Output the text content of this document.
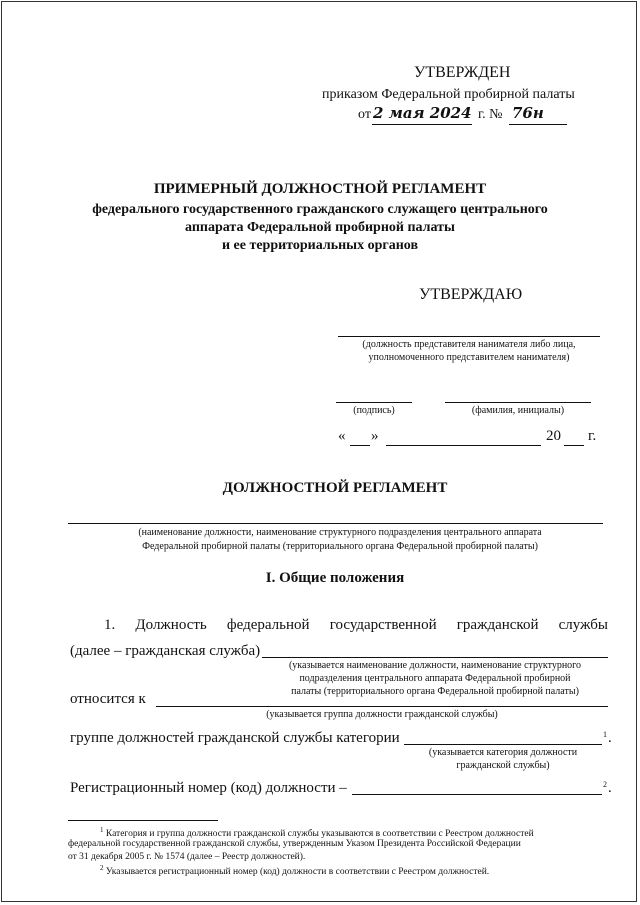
УТВЕРЖДЕН
приказом Федеральной пробирной палаты
от 2 мая 2024 г. № 76н
ПРИМЕРНЫЙ ДОЛЖНОСТНОЙ РЕГЛАМЕНТ
федерального государственного гражданского служащего центрального
аппарата Федеральной пробирной палаты
и ее территориальных органов
УТВЕРЖДАЮ
(должность представителя нанимателя либо лица,
уполномоченного представителем нанимателя)
(подпись)	(фамилия, инициалы)
« »	20 г.
ДОЛЖНОСТНОЙ РЕГЛАМЕНТ
(наименование должности, наименование структурного подразделения центрального аппарата
Федеральной пробирной палаты (территориального органа Федеральной пробирной палаты)
I. Общие положения
1. Должность федеральной государственной гражданской службы
(далее – гражданская служба)
(указывается наименование должности, наименование структурного
подразделения центрального аппарата Федеральной пробирной
палаты (территориального органа Федеральной пробирной палаты)
относится к
(указывается группа должности гражданской службы)
группе должностей гражданской службы категории	1 .
(указывается категория должности
гражданской службы)
Регистрационный номер (код) должности –	2 .
$^1$ Категория и группа должности гражданской службы указываются в соответствии с Реестром должностей
федеральной государственной гражданской службы, утвержденным Указом Президента Российской Федерации
от 31 декабря 2005 г. № 1574 (далее – Реестр должностей).
$^2$ Указывается регистрационный номер (код) должности в соответствии с Реестром должностей.
